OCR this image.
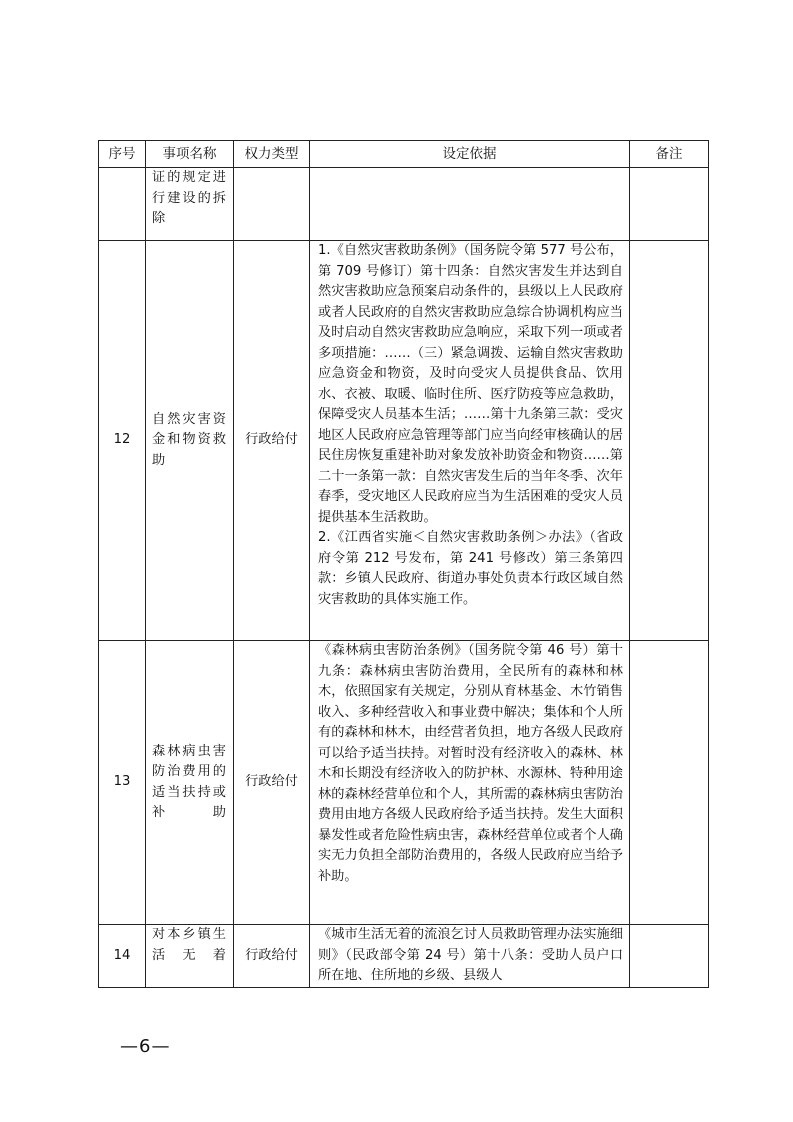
序号	事项名称	权力类型	设定依据	备注
	证的规定进行建设的拆除			
12	自然灾害资金和物资救助	行政给付	1.《自然灾害救助条例》（国务院令第 577 号公布，第 709 号修订）第十四条：自然灾害发生并达到自然灾害救助应急预案启动条件的，县级以上人民政府或者人民政府的自然灾害救助应急综合协调机构应当及时启动自然灾害救助应急响应，采取下列一项或者多项措施：……（三）紧急调拨、运输自然灾害救助应急资金和物资，及时向受灾人员提供食品、饮用水、衣被、取暖、临时住所、医疗防疫等应急救助，保障受灾人员基本生活；……第十九条第三款：受灾地区人民政府应急管理等部门应当向经审核确认的居民住房恢复重建补助对象发放补助资金和物资……第二十一条第一款：自然灾害发生后的当年冬季、次年春季，受灾地区人民政府应当为生活困难的受灾人员提供基本生活救助。

2.《江西省实施＜自然灾害救助条例＞办法》（省政府令第 212 号发布，第 241 号修改）第三条第四款：乡镇人民政府、街道办事处负责本行政区域自然灾害救助的具体实施工作。	

13	森林病虫害防治费用的适当扶持或补助	行政给付	《森林病虫害防治条例》（国务院令第 46 号）第十九条：森林病虫害防治费用，全民所有的森林和林木，依照国家有关规定，分别从育林基金、木竹销售收入、多种经营收入和事业费中解决；集体和个人所有的森林和林木，由经营者负担，地方各级人民政府可以给予适当扶持。对暂时没有经济收入的森林、林木和长期没有经济收入的防护林、水源林、特种用途林的森林经营单位和个人，其所需的森林病虫害防治费用由地方各级人民政府给予适当扶持。发生大面积暴发性或者危险性病虫害，森林经营单位或者个人确实无力负担全部防治费用的，各级人民政府应当给予补助。	

14	对本乡镇生活无着	行政给付	《城市生活无着的流浪乞讨人员救助管理办法实施细则》（民政部令第 24 号）第十八条：受助人员户口所在地、住所地的乡级、县级人	

—6—
